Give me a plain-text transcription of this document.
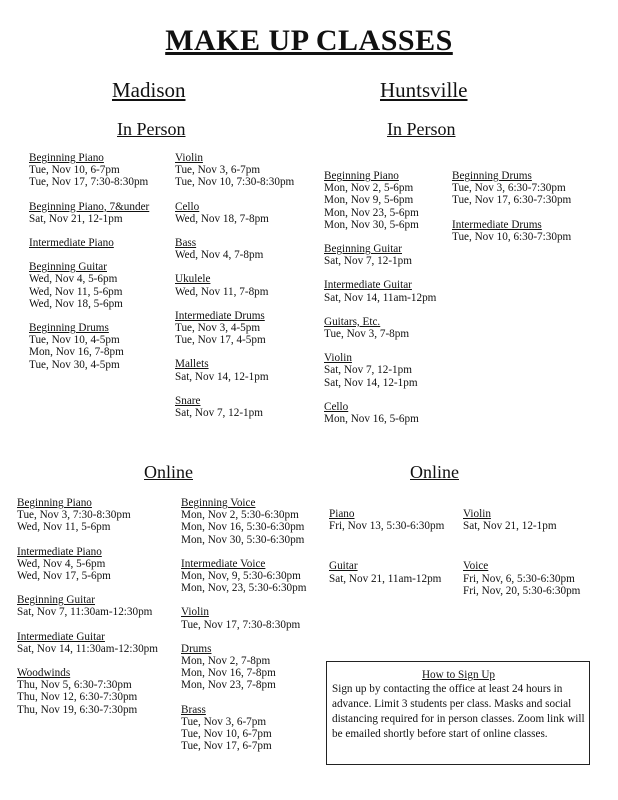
MAKE UP CLASSES
Madison	Huntsville
In Person	In Person
Beginning Piano
Tue, Nov 10, 6-7pm
Tue, Nov 17, 7:30-8:30pm
Beginning Piano, 7&under
Sat, Nov 21, 12-1pm
Intermediate Piano
Beginning Guitar
Wed, Nov 4, 5-6pm
Wed, Nov 11, 5-6pm
Wed, Nov 18, 5-6pm
Beginning Drums
Tue, Nov 10, 4-5pm
Mon, Nov 16, 7-8pm
Tue, Nov 30, 4-5pm
Violin
Tue, Nov 3, 6-7pm
Tue, Nov 10, 7:30-8:30pm
Cello
Wed, Nov 18, 7-8pm
Bass
Wed, Nov 4, 7-8pm
Ukulele
Wed, Nov 11, 7-8pm
Intermediate Drums
Tue, Nov 3, 4-5pm
Tue, Nov 17, 4-5pm
Mallets
Sat, Nov 14, 12-1pm
Snare
Sat, Nov 7, 12-1pm
Beginning Piano
Mon, Nov 2, 5-6pm
Mon, Nov 9, 5-6pm
Mon, Nov 23, 5-6pm
Mon, Nov 30, 5-6pm
Beginning Guitar
Sat, Nov 7, 12-1pm
Intermediate Guitar
Sat, Nov 14, 11am-12pm
Guitars, Etc.
Tue, Nov 3, 7-8pm
Violin
Sat, Nov 7, 12-1pm
Sat, Nov 14, 12-1pm
Cello
Mon, Nov 16, 5-6pm
Beginning Drums
Tue, Nov 3, 6:30-7:30pm
Tue, Nov 17, 6:30-7:30pm
Intermediate Drums
Tue, Nov 10, 6:30-7:30pm
Online	Online
Beginning Piano
Tue, Nov 3, 7:30-8:30pm
Wed, Nov 11, 5-6pm
Intermediate Piano
Wed, Nov 4, 5-6pm
Wed, Nov 17, 5-6pm
Beginning Guitar
Sat, Nov 7, 11:30am-12:30pm
Intermediate Guitar
Sat, Nov 14, 11:30am-12:30pm
Woodwinds
Thu, Nov 5, 6:30-7:30pm
Thu, Nov 12, 6:30-7:30pm
Thu, Nov 19, 6:30-7:30pm
Beginning Voice
Mon, Nov 2, 5:30-6:30pm
Mon, Nov 16, 5:30-6:30pm
Mon, Nov 30, 5:30-6:30pm
Intermediate Voice
Mon, Nov, 9, 5:30-6:30pm
Mon, Nov, 23, 5:30-6:30pm
Violin
Tue, Nov 17, 7:30-8:30pm
Drums
Mon, Nov 2, 7-8pm
Mon, Nov 16, 7-8pm
Mon, Nov 23, 7-8pm
Brass
Tue, Nov 3, 6-7pm
Tue, Nov 10, 6-7pm
Tue, Nov 17, 6-7pm
Piano
Fri, Nov 13, 5:30-6:30pm
Guitar
Sat, Nov 21, 11am-12pm
Violin
Sat, Nov 21, 12-1pm
Voice
Fri, Nov, 6, 5:30-6:30pm
Fri, Nov, 20, 5:30-6:30pm
How to Sign Up
Sign up by contacting the office at least 24 hours in advance. Limit 3 students per class. Masks and social distancing required for in person classes. Zoom link will be emailed shortly before start of online classes.
